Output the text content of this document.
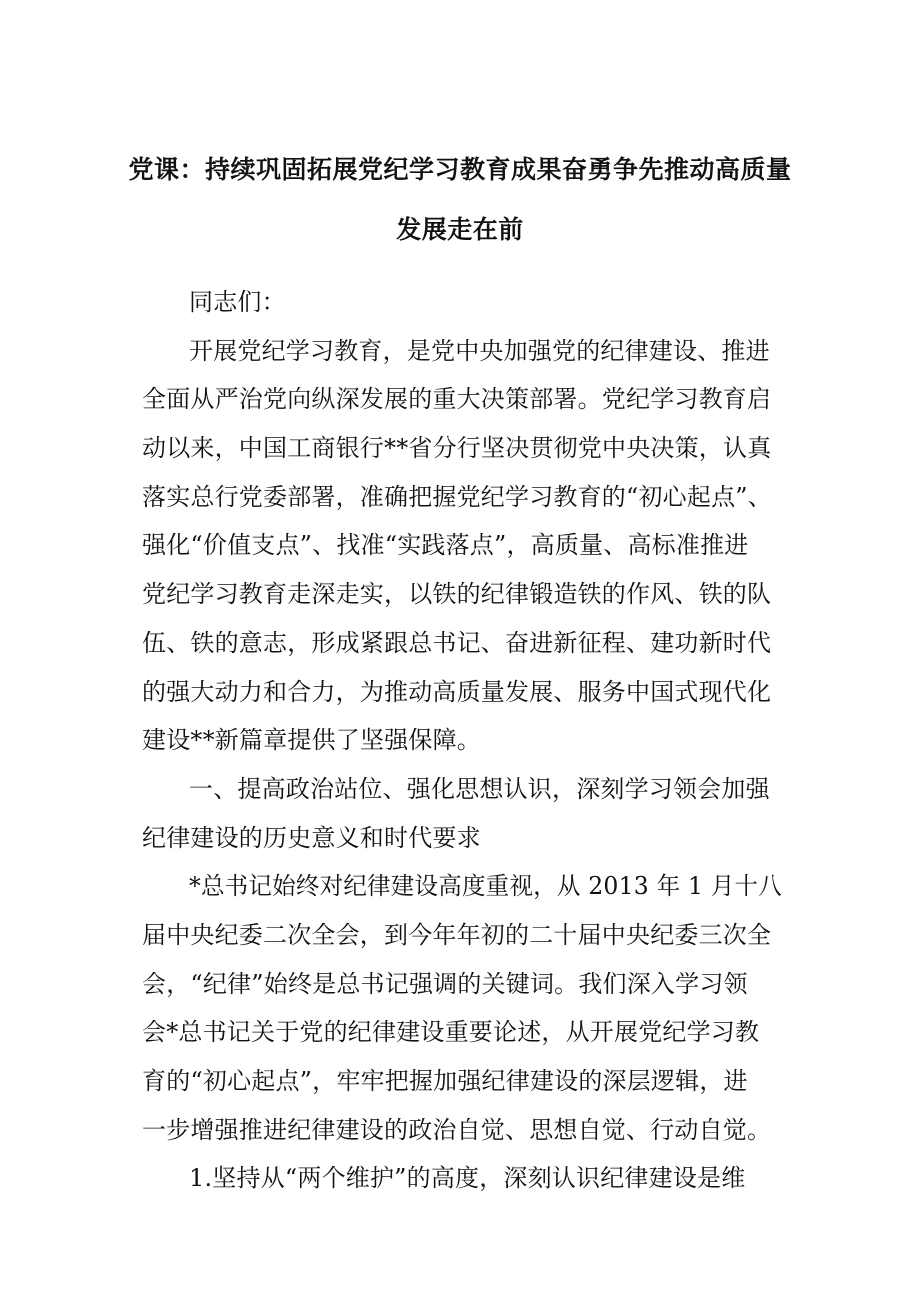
党课：持续巩固拓展党纪学习教育成果奋勇争先推动高质量
发展走在前
同志们：
开展党纪学习教育，是党中央加强党的纪律建设、推进
全面从严治党向纵深发展的重大决策部署。党纪学习教育启
动以来，中国工商银行**省分行坚决贯彻党中央决策，认真
落实总行党委部署，准确把握党纪学习教育的“初心起点”、
强化“价值支点”、找准“实践落点”，高质量、高标准推进
党纪学习教育走深走实，以铁的纪律锻造铁的作风、铁的队
伍、铁的意志，形成紧跟总书记、奋进新征程、建功新时代
的强大动力和合力，为推动高质量发展、服务中国式现代化
建设**新篇章提供了坚强保障。
一、提高政治站位、强化思想认识，深刻学习领会加强
纪律建设的历史意义和时代要求
*总书记始终对纪律建设高度重视，从 2013 年 1 月十八
届中央纪委二次全会，到今年年初的二十届中央纪委三次全
会，“纪律”始终是总书记强调的关键词。我们深入学习领
会*总书记关于党的纪律建设重要论述，从开展党纪学习教
育的“初心起点”，牢牢把握加强纪律建设的深层逻辑，进
一步增强推进纪律建设的政治自觉、思想自觉、行动自觉。
1.坚持从“两个维护”的高度，深刻认识纪律建设是维
